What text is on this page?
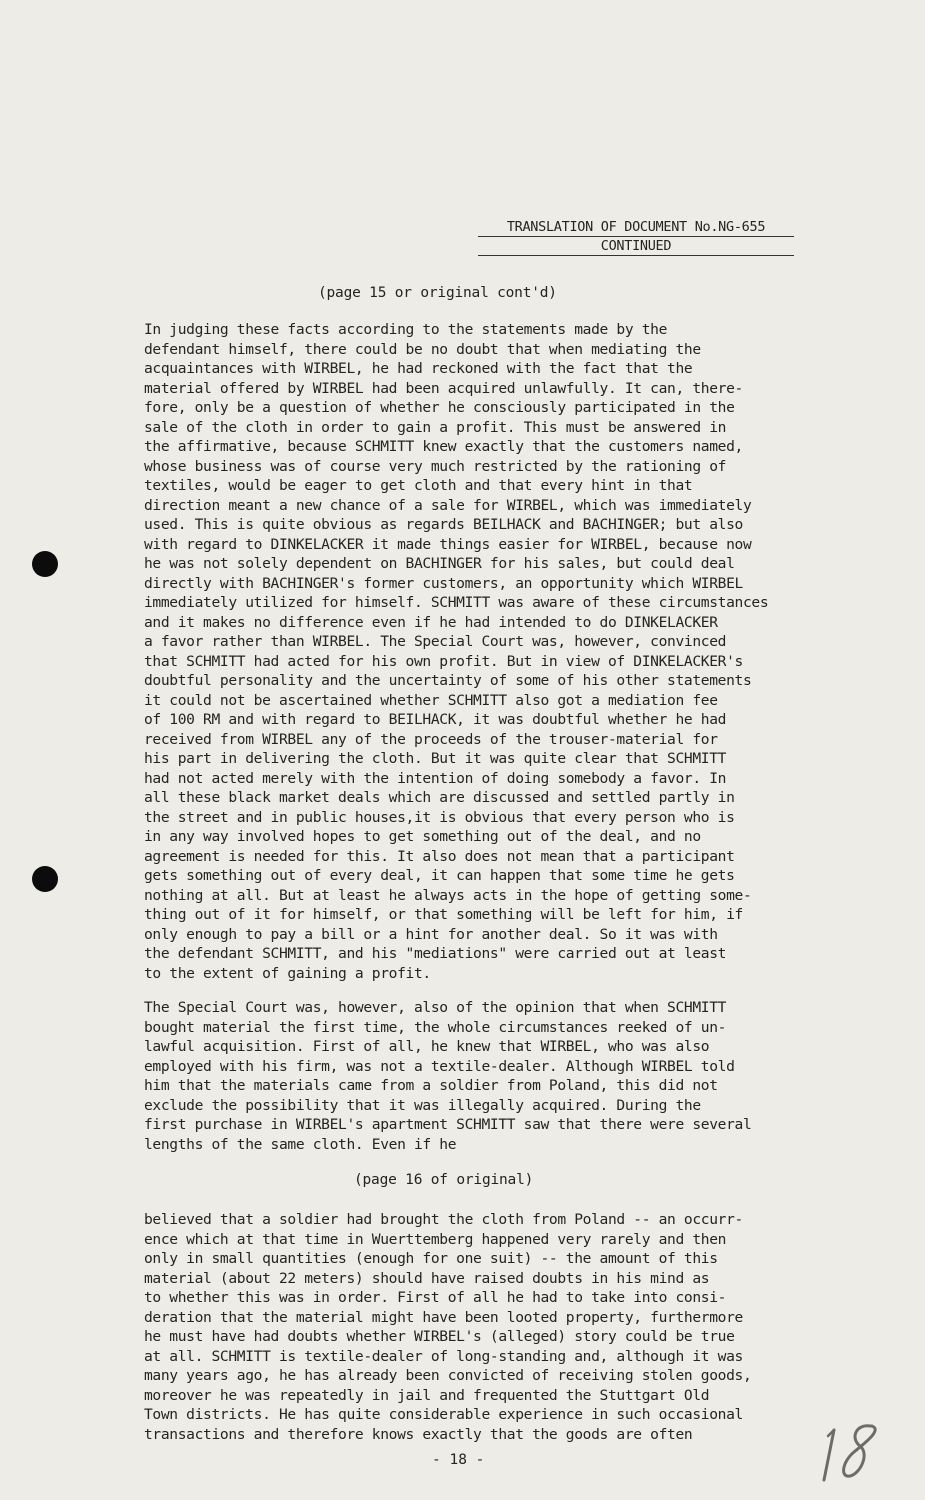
TRANSLATION OF DOCUMENT No.NG-655
CONTINUED
(page 15 or original cont'd)
In judging these facts according to the statements made by the
defendant himself, there could be no doubt that when mediating the
acquaintances with WIRBEL, he had reckoned with the fact that the
material offered by WIRBEL had been acquired unlawfully. It can, there-
fore, only be a question of whether he consciously participated in the
sale of the cloth in order to gain a profit. This must be answered in
the affirmative, because SCHMITT knew exactly that the customers named,
whose business was of course very much restricted by the rationing of
textiles, would be eager to get cloth and that every hint in that
direction meant a new chance of a sale for WIRBEL, which was immediately
used. This is quite obvious as regards BEILHACK and BACHINGER; but also
with regard to DINKELACKER it made things easier for WIRBEL, because now
he was not solely dependent on BACHINGER for his sales, but could deal
directly with BACHINGER's former customers, an opportunity which WIRBEL
immediately utilized for himself. SCHMITT was aware of these circumstances
and it makes no difference even if he had intended to do DINKELACKER
a favor rather than WIRBEL. The Special Court was, however, convinced
that SCHMITT had acted for his own profit. But in view of DINKELACKER's
doubtful personality and the uncertainty of some of his other statements
it could not be ascertained whether SCHMITT also got a mediation fee
of 100 RM and with regard to BEILHACK, it was doubtful whether he had
received from WIRBEL any of the proceeds of the trouser-material for
his part in delivering the cloth. But it was quite clear that SCHMITT
had not acted merely with the intention of doing somebody a favor. In
all these black market deals which are discussed and settled partly in
the street and in public houses,it is obvious that every person who is
in any way involved hopes to get something out of the deal, and no
agreement is needed for this. It also does not mean that a participant
gets something out of every deal, it can happen that some time he gets
nothing at all. But at least he always acts in the hope of getting some-
thing out of it for himself, or that something will be left for him, if
only enough to pay a bill or a hint for another deal. So it was with
the defendant SCHMITT, and his "mediations" were carried out at least
to the extent of gaining a profit.
The Special Court was, however, also of the opinion that when SCHMITT
bought material the first time, the whole circumstances reeked of un-
lawful acquisition. First of all, he knew that WIRBEL, who was also
employed with his firm, was not a textile-dealer. Although WIRBEL told
him that the materials came from a soldier from Poland, this did not
exclude the possibility that it was illegally acquired. During the
first purchase in WIRBEL's apartment SCHMITT saw that there were several
lengths of the same cloth. Even if he
(page 16 of original)
believed that a soldier had brought the cloth from Poland -- an occurr-
ence which at that time in Wuerttemberg happened very rarely and then
only in small quantities (enough for one suit) -- the amount of this
material (about 22 meters) should have raised doubts in his mind as
to whether this was in order. First of all he had to take into consi-
deration that the material might have been looted property, furthermore
he must have had doubts whether WIRBEL's (alleged) story could be true
at all. SCHMITT is textile-dealer of long-standing and, although it was
many years ago, he has already been convicted of receiving stolen goods,
moreover he was repeatedly in jail and frequented the Stuttgart Old
Town districts. He has quite considerable experience in such occasional
transactions and therefore knows exactly that the goods are often
- 18 -
